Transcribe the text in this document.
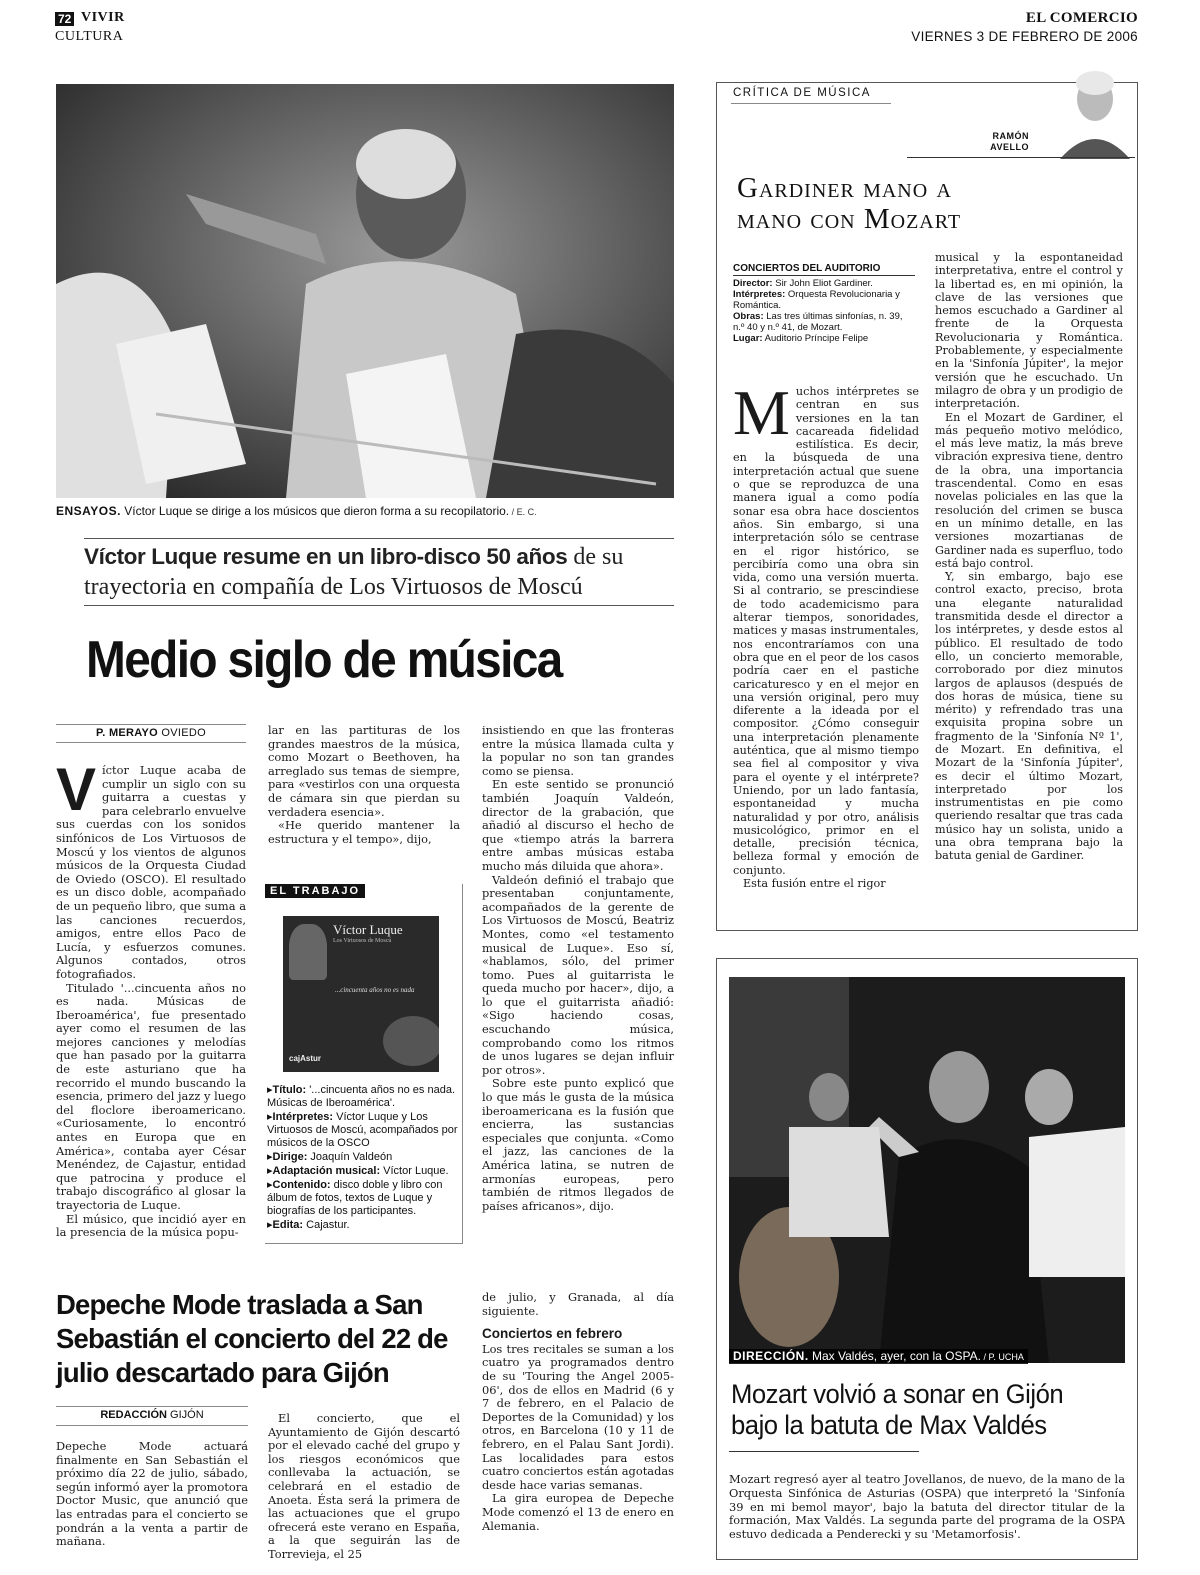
72 VIVIR
CULTURA
EL COMERCIO
VIERNES 3 DE FEBRERO DE 2006
ENSAYOS. Víctor Luque se dirige a los músicos que dieron forma a su recopilatorio. / E. C.
Víctor Luque resume en un libro-disco 50 años de su trayectoria en compañía de Los Virtuosos de Moscú
Medio siglo de música
P. MERAYO OVIEDO
V íctor Luque acaba de cumplir un siglo con su guitarra a cuestas y para celebrarlo envuelve sus cuerdas con los sonidos sinfónicos de Los Virtuosos de Moscú y los vientos de algunos músicos de la Orquesta Ciudad de Oviedo (OSCO). El resultado es un disco doble, acompañado de un pequeño libro, que suma a las canciones recuerdos, amigos, entre ellos Paco de Lucía, y esfuerzos comunes. Algunos contados, otros fotografiados.

Titulado '...cincuenta años no es nada. Músicas de Iberoamérica', fue presentado ayer como el resumen de las mejores canciones y melodías que han pasado por la guitarra de este asturiano que ha recorrido el mundo buscando la esencia, primero del jazz y luego del floclore iberoamericano. «Curiosamente, lo encontró antes en Europa que en América», contaba ayer César Menéndez, de Cajastur, entidad que patrocina y produce el trabajo discográfico al glosar la trayectoria de Luque.

El músico, que incidió ayer en la presencia de la música popu-

lar en las partituras de los grandes maestros de la música, como Mozart o Beethoven, ha arreglado sus temas de siempre, para «vestirlos con una orquesta de cámara sin que pierdan su verdadera esencia».

«He querido mantener la estructura y el tempo», dijo,

EL TRABAJO
Víctor Luque
Los Virtuosos de Moscú
...cincuenta años no es nada
cajAstur
▸Título: '...cincuenta años no es nada. Músicas de Iberoamérica'.
▸Intérpretes: Víctor Luque y Los Virtuosos de Moscú, acompañados por músicos de la OSCO
▸Dirige: Joaquín Valdeón
▸Adaptación musical: Víctor Luque.
▸Contenido: disco doble y libro con álbum de fotos, textos de Luque y biografías de los participantes.
▸Edita: Cajastur.

insistiendo en que las fronteras entre la música llamada culta y la popular no son tan grandes como se piensa.

En este sentido se pronunció también Joaquín Valdeón, director de la grabación, que añadió al discurso el hecho de que «tiempo atrás la barrera entre ambas músicas estaba mucho más diluida que ahora».

Valdeón definió el trabajo que presentaban conjuntamente, acompañados de la gerente de Los Virtuosos de Moscú, Beatriz Montes, como «el testamento musical de Luque». Eso sí, «hablamos, sólo, del primer tomo. Pues al guitarrista le queda mucho por hacer», dijo, a lo que el guitarrista añadió: «Sigo haciendo cosas, escuchando música, comprobando como los ritmos de unos lugares se dejan influir por otros».

Sobre este punto explicó que lo que más le gusta de la música iberoamericana es la fusión que encierra, las sustancias especiales que conjunta. «Como el jazz, las canciones de la América latina, se nutren de armonías europeas, pero también de ritmos llegados de países africanos», dijo.

CRÍTICA DE MÚSICA
RAMÓN
AVELLO
Gardiner mano a
mano con Mozart
CONCIERTOS DEL AUDITORIO
Director: Sir John Eliot Gardiner.
Intérpretes: Orquesta Revolucionaria y Romántica.
Obras: Las tres últimas sinfonías, n. 39, n.º 40 y n.º 41, de Mozart.
Lugar: Auditorio Príncipe Felipe
M uchos intérpretes se centran en sus versiones en la tan cacareada fidelidad estilística. Es decir, en la búsqueda de una interpretación actual que suene o que se reproduzca de una manera igual a como podía sonar esa obra hace doscientos años. Sin embargo, si una interpretación sólo se centrase en el rigor histórico, se percibiría como una obra sin vida, como una versión muerta. Si al contrario, se prescindiese de todo academicismo para alterar tiempos, sonoridades, matices y masas instrumentales, nos encontraríamos con una obra que en el peor de los casos podría caer en el pastiche caricaturesco y en el mejor en una versión original, pero muy diferente a la ideada por el compositor. ¿Cómo conseguir una interpretación plenamente auténtica, que al mismo tiempo sea fiel al compositor y viva para el oyente y el intérprete? Uniendo, por un lado fantasía, espontaneidad y mucha naturalidad y por otro, análisis musicológico, primor en el detalle, precisión técnica, belleza formal y emoción de conjunto.

Esta fusión entre el rigor

musical y la espontaneidad interpretativa, entre el control y la libertad es, en mi opinión, la clave de las versiones que hemos escuchado a Gardiner al frente de la Orquesta Revolucionaria y Romántica. Probablemente, y especialmente en la 'Sinfonía Júpiter', la mejor versión que he escuchado. Un milagro de obra y un prodigio de interpretación.

En el Mozart de Gardiner, el más pequeño motivo melódico, el más leve matiz, la más breve vibración expresiva tiene, dentro de la obra, una importancia trascendental. Como en esas novelas policiales en las que la resolución del crimen se busca en un mínimo detalle, en las versiones mozartianas de Gardiner nada es superfluo, todo está bajo control.

Y, sin embargo, bajo ese control exacto, preciso, brota una elegante naturalidad transmitida desde el director a los intérpretes, y desde estos al público. El resultado de todo ello, un concierto memorable, corroborado por diez minutos largos de aplausos (después de dos horas de música, tiene su mérito) y refrendado tras una exquisita propina sobre un fragmento de la 'Sinfonía Nº 1', de Mozart. En definitiva, el Mozart de la 'Sinfonía Júpiter', es decir el último Mozart, interpretado por los instrumentistas en pie como queriendo resaltar que tras cada músico hay un solista, unido a una obra temprana bajo la batuta genial de Gardiner.

Depeche Mode traslada a San Sebastián el concierto del 22 de julio descartado para Gijón
REDACCIÓN GIJÓN

Depeche Mode actuará finalmente en San Sebastián el próximo día 22 de julio, sábado, según informó ayer la promotora Doctor Music, que anunció que las entradas para el concierto se pondrán a la venta a partir de mañana.

El concierto, que el Ayuntamiento de Gijón descartó por el elevado caché del grupo y los riesgos económicos que conllevaba la actuación, se celebrará en el estadio de Anoeta. Ésta será la primera de las actuaciones que el grupo ofrecerá este verano en España, a la que seguirán las de Torrevieja, el 25

de julio, y Granada, al día siguiente.

Conciertos en febrero

Los tres recitales se suman a los cuatro ya programados dentro de su 'Touring the Angel 2005-06', dos de ellos en Madrid (6 y 7 de febrero, en el Palacio de Deportes de la Comunidad) y los otros, en Barcelona (10 y 11 de febrero, en el Palau Sant Jordi). Las localidades para estos cuatro conciertos están agotadas desde hace varias semanas.

La gira europea de Depeche Mode comenzó el 13 de enero en Alemania.

DIRECCIÓN. Max Valdés, ayer, con la OSPA. / P. UCHA
Mozart volvió a sonar en Gijón bajo la batuta de Max Valdés
Mozart regresó ayer al teatro Jovellanos, de nuevo, de la mano de la Orquesta Sinfónica de Asturias (OSPA) que interpretó la 'Sinfonía 39 en mi bemol mayor', bajo la batuta del director titular de la formación, Max Valdés. La segunda parte del programa de la OSPA estuvo dedicada a Penderecki y su 'Metamorfosis'.
